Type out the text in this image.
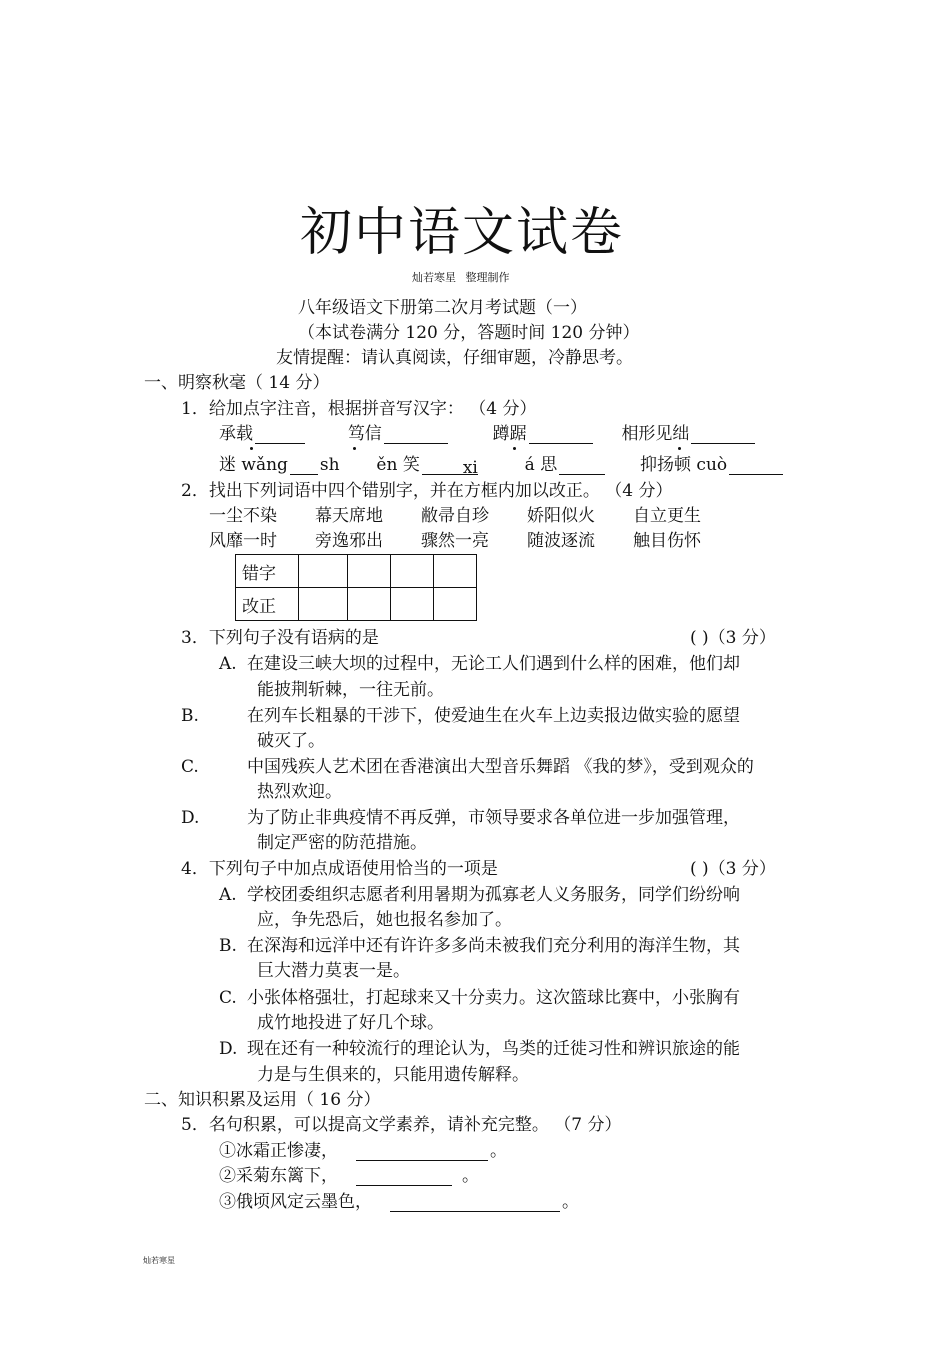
初中语文试卷
灿若寒星 整理制作
八年级语文下册第二次月考试题（一）
（本试卷满分 120 分，答题时间 120 分钟）
友情提醒：请认真阅读，仔细审题，冷静思考。
一、明察秋毫（ 14 分）
1．给加点字注音，根据拼音写汉字： （4 分）
承载	笃信	蹲踞	相形见绌
迷 wǎng sh ěn 笑	xi	á 思	抑扬顿 cuò
2．找出下列词语中四个错别字，并在方框内加以改正。 （4 分）
一尘不染 幕天席地 敝帚自珍 娇阳似火 自立更生
风靡一时 旁逸邪出 骤然一亮 随波逐流 触目伤怀
错字				
改正				
3．下列句子没有语病的是	( )（3 分）
A. 在建设三峡大坝的过程中，无论工人们遇到什么样的困难，他们却
能披荆斩棘，一往无前。
B.	在列车长粗暴的干涉下，使爱迪生在火车上边卖报边做实验的愿望
破灭了。
C.	中国残疾人艺术团在香港演出大型音乐舞蹈 《我的梦》，受到观众的
热烈欢迎。
D.	为了防止非典疫情不再反弹，市领导要求各单位进一步加强管理，
制定严密的防范措施。
4．下列句子中加点成语使用恰当的一项是	( )（3 分）
A. 学校团委组织志愿者利用暑期为孤寡老人义务服务，同学们纷纷响
应，争先恐后，她也报名参加了。
B. 在深海和远洋中还有许许多多尚未被我们充分利用的海洋生物，其
巨大潜力莫衷一是。
C. 小张体格强壮，打起球来又十分卖力。这次篮球比赛中，小张胸有
成竹地投进了好几个球。
D. 现在还有一种较流行的理论认为，鸟类的迁徙习性和辨识旅途的能
力是与生俱来的，只能用遗传解释。
二、知识积累及运用（ 16 分）
5．名句积累，可以提高文学素养，请补充完整。 （7 分）
①冰霜正惨凄，	。
②采菊东篱下，	。
③俄顷风定云墨色，	。
灿若寒星
